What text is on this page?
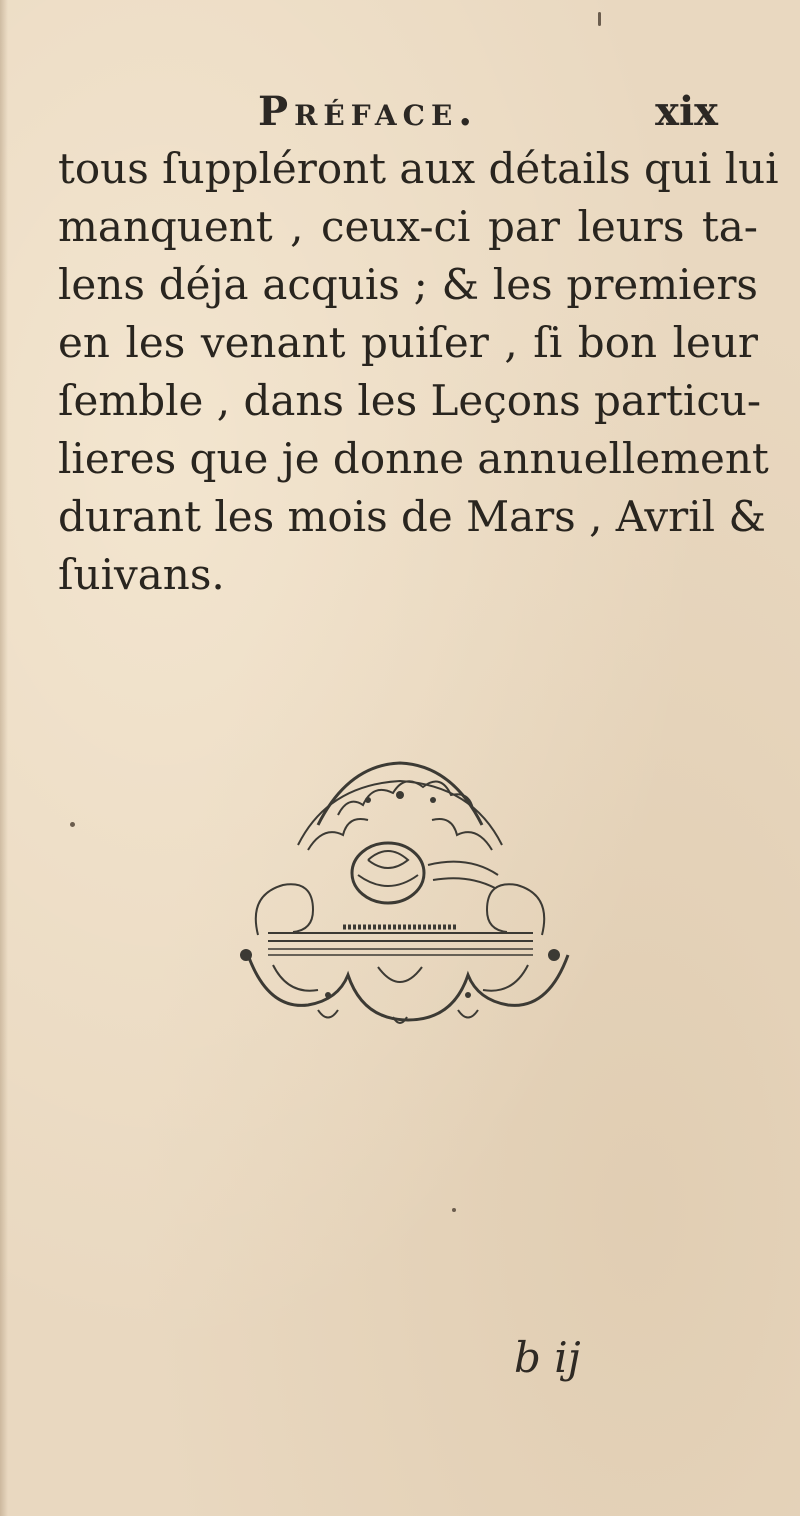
Préface.	xix
tous ſuppléront aux détails qui lui
manquent , ceux-ci par leurs ta-
lens déja acquis ; & les premiers
en les venant puiſer , ſi bon leur
ſemble , dans les Leçons particu-
lieres que je donne annuellement
durant les mois de Mars , Avril &
ſuivans.
b ij
